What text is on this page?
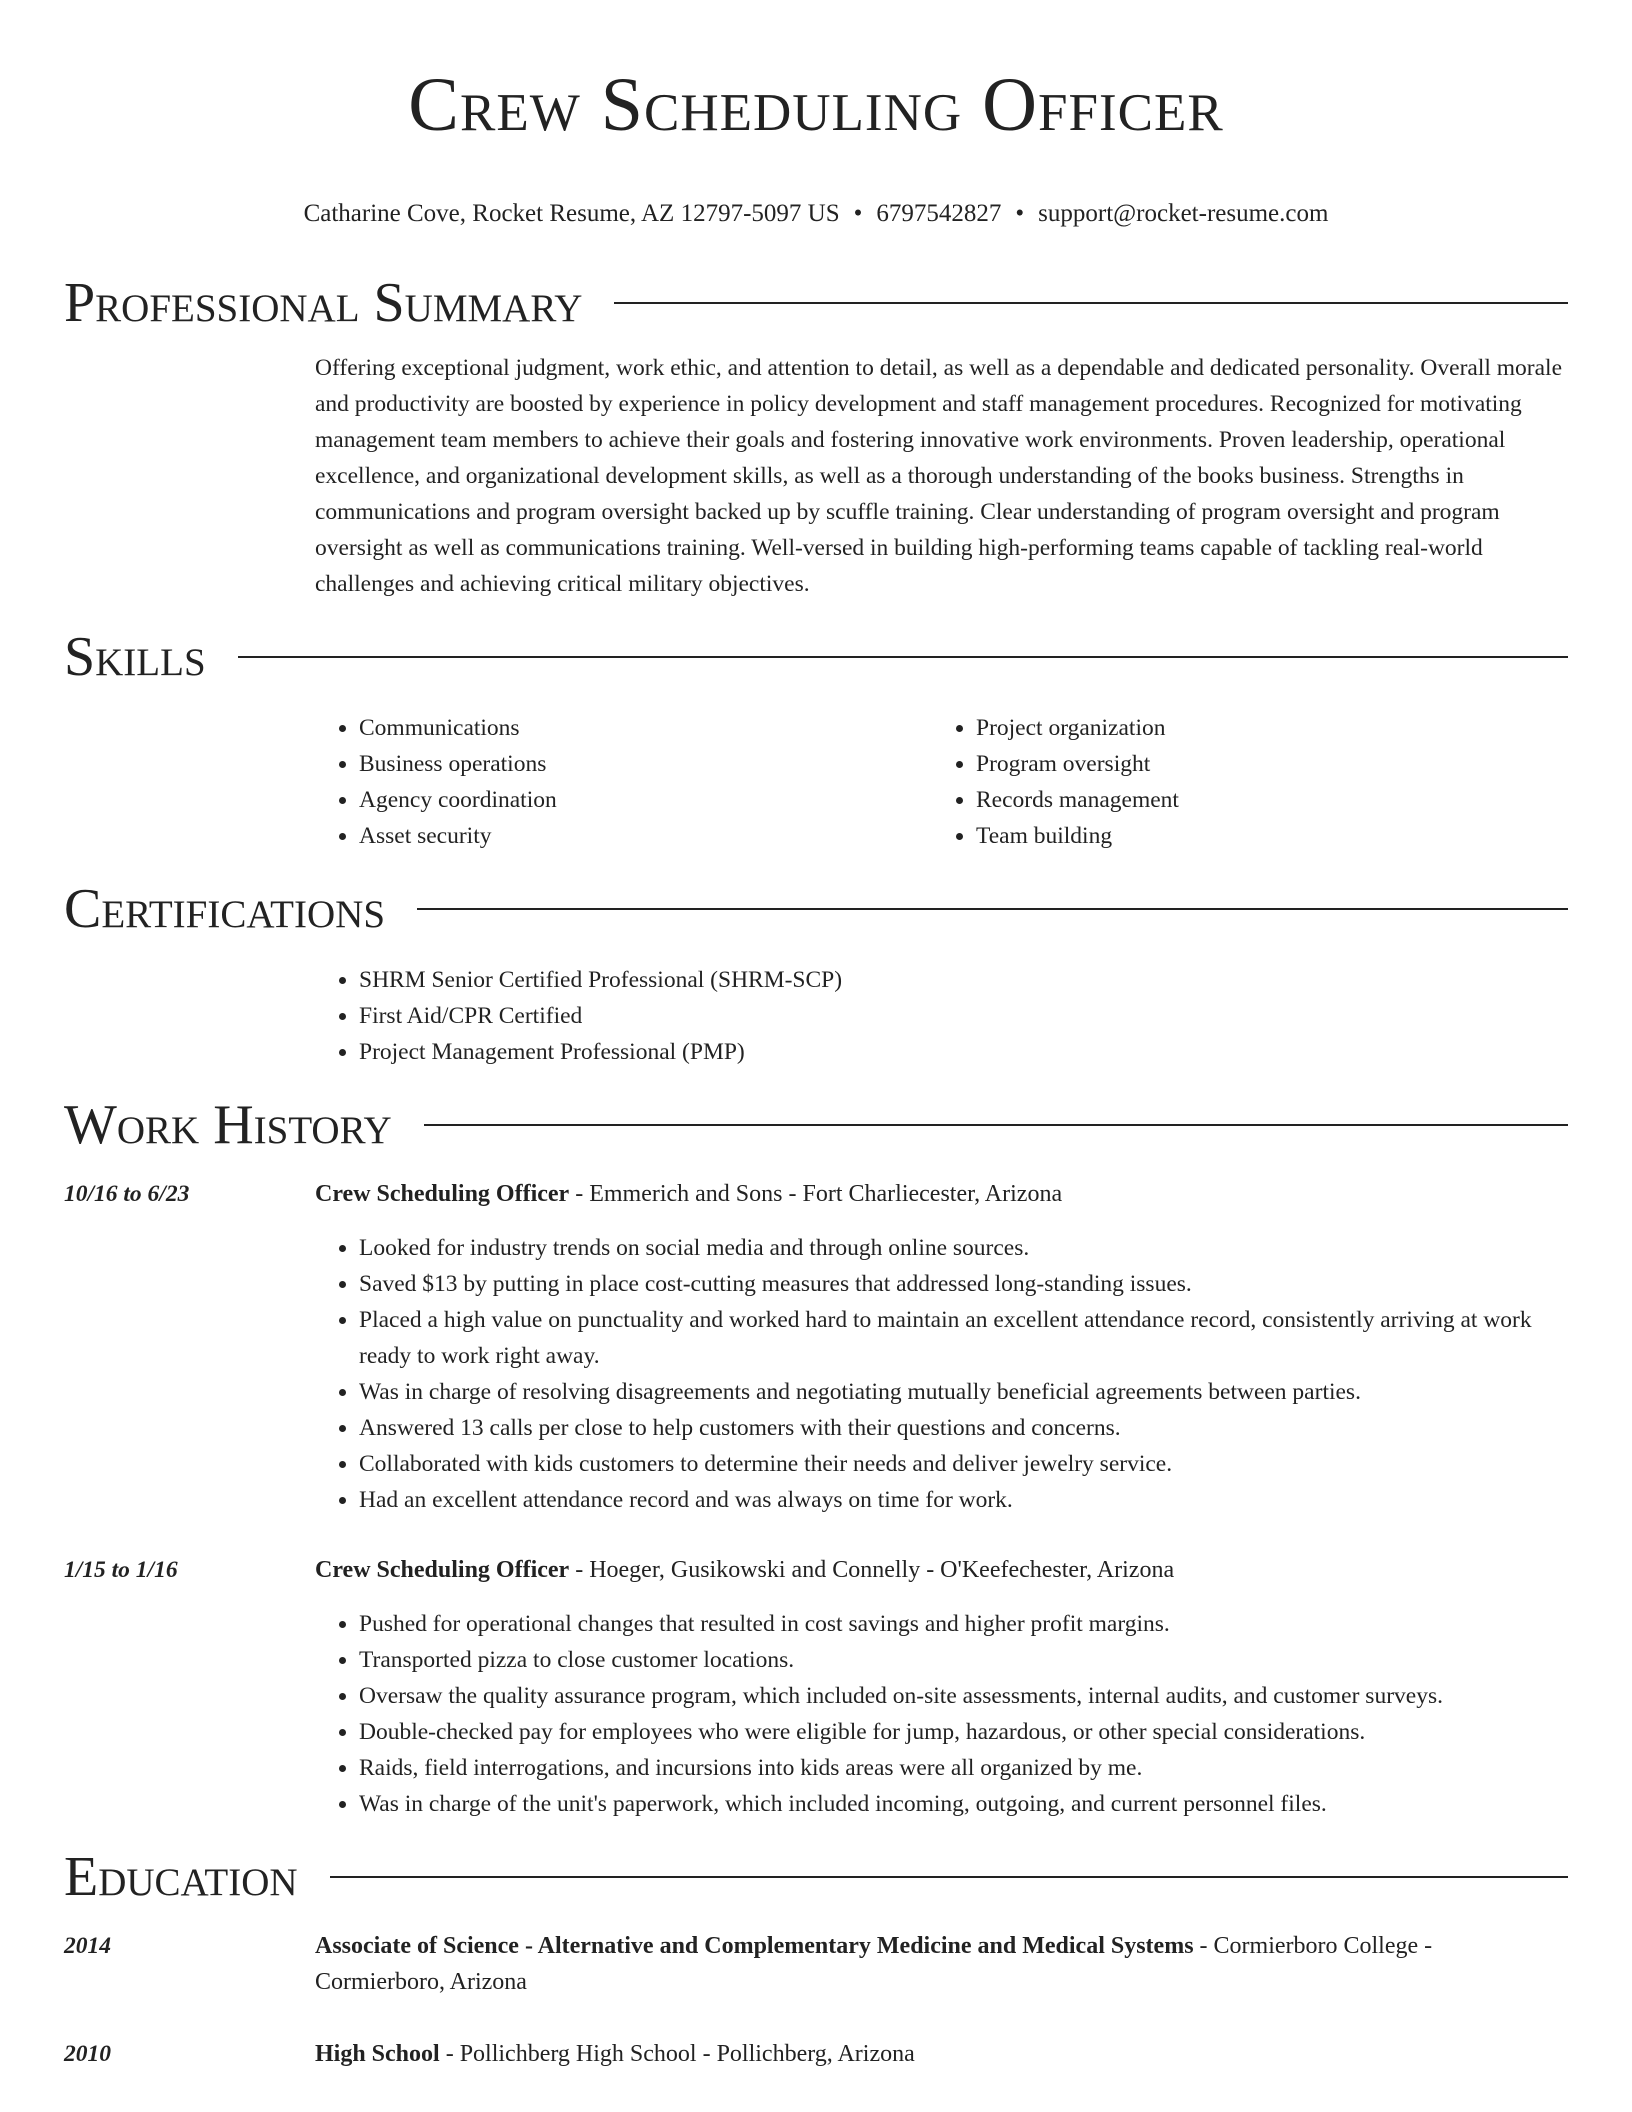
Crew Scheduling Officer
Catharine Cove, Rocket Resume, AZ 12797-5097 US • 6797542827 • support@rocket-resume.com
Professional Summary

Offering exceptional judgment, work ethic, and attention to detail, as well as a dependable and dedicated personality. Overall morale and productivity are boosted by experience in policy development and staff management procedures. Recognized for motivating management team members to achieve their goals and fostering innovative work environments. Proven leadership, operational excellence, and organizational development skills, as well as a thorough understanding of the books business. Strengths in communications and program oversight backed up by scuffle training. Clear understanding of program oversight and program oversight as well as communications training. Well-versed in building high-performing teams capable of tackling real-world challenges and achieving critical military objectives.

Skills
• Communications
• Business operations
• Agency coordination
• Asset security
• Project organization
• Program oversight
• Records management
• Team building
Certifications
• SHRM Senior Certified Professional (SHRM-SCP)
• First Aid/CPR Certified
• Project Management Professional (PMP)
Work History
10/16 to 6/23	Crew Scheduling Officer - Emmerich and Sons - Fort Charliecester, Arizona
• Looked for industry trends on social media and through online sources.
• Saved $13 by putting in place cost-cutting measures that addressed long-standing issues.
• Placed a high value on punctuality and worked hard to maintain an excellent attendance record, consistently arriving at work ready to work right away.
• Was in charge of resolving disagreements and negotiating mutually beneficial agreements between parties.
• Answered 13 calls per close to help customers with their questions and concerns.
• Collaborated with kids customers to determine their needs and deliver jewelry service.
• Had an excellent attendance record and was always on time for work.
1/15 to 1/16	Crew Scheduling Officer - Hoeger, Gusikowski and Connelly - O'Keefechester, Arizona
• Pushed for operational changes that resulted in cost savings and higher profit margins.
• Transported pizza to close customer locations.
• Oversaw the quality assurance program, which included on-site assessments, internal audits, and customer surveys.
• Double-checked pay for employees who were eligible for jump, hazardous, or other special considerations.
• Raids, field interrogations, and incursions into kids areas were all organized by me.
• Was in charge of the unit's paperwork, which included incoming, outgoing, and current personnel files.
Education
2014	Associate of Science - Alternative and Complementary Medicine and Medical Systems - Cormierboro College - Cormierboro, Arizona
2010	High School - Pollichberg High School - Pollichberg, Arizona
